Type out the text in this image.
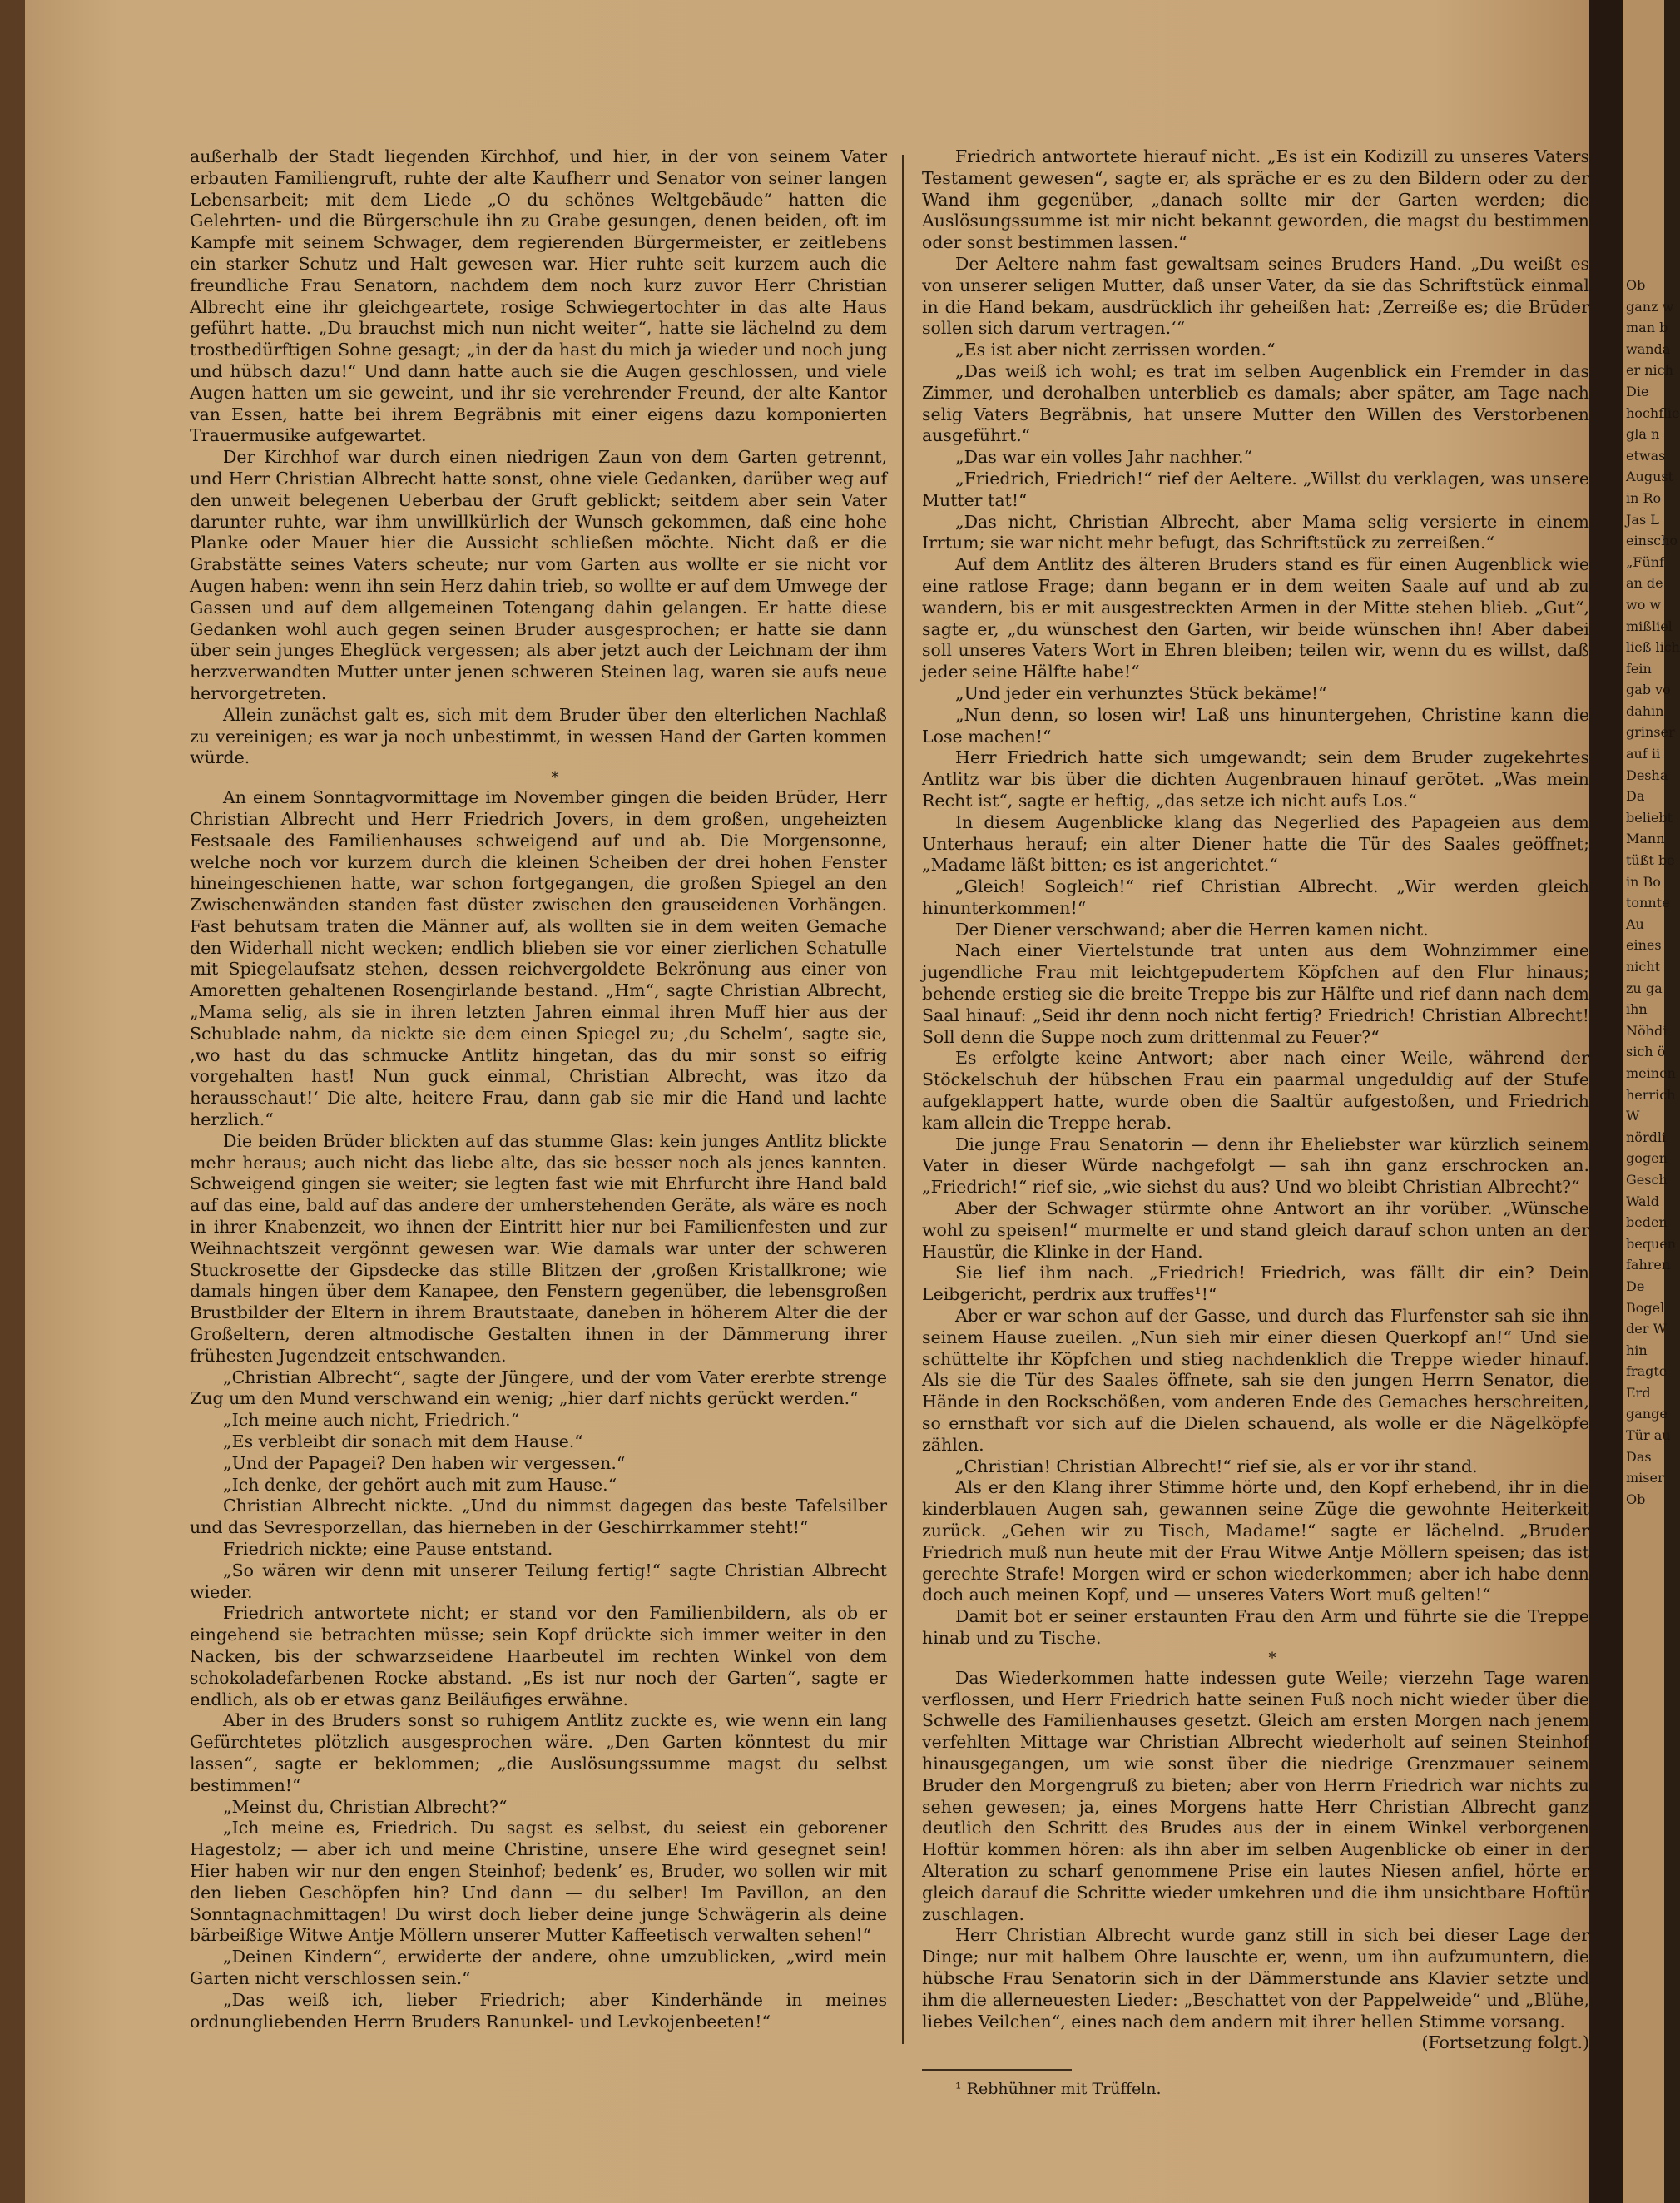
außerhalb der Stadt liegenden Kirchhof, und hier, in der von seinem Vater erbauten Familiengruft, ruhte der alte Kaufherr und Senator von seiner langen Lebensarbeit; mit dem Liede „O du schönes Weltgebäude“ hatten die Gelehrten- und die Bürgerschule ihn zu Grabe gesungen, denen beiden, oft im Kampfe mit seinem Schwager, dem regierenden Bürgermeister, er zeitlebens ein starker Schutz und Halt gewesen war. Hier ruhte seit kurzem auch die freundliche Frau Senatorn, nachdem dem noch kurz zuvor Herr Christian Albrecht eine ihr gleichgeartete, rosige Schwiegertochter in das alte Haus geführt hatte. „Du brauchst mich nun nicht weiter“, hatte sie lächelnd zu dem trostbedürftigen Sohne gesagt; „in der da hast du mich ja wieder und noch jung und hübsch dazu!“ Und dann hatte auch sie die Augen geschlossen, und viele Augen hatten um sie geweint, und ihr sie verehrender Freund, der alte Kantor van Essen, hatte bei ihrem Begräbnis mit einer eigens dazu komponierten Trauermusike aufgewartet.

Der Kirchhof war durch einen niedrigen Zaun von dem Garten getrennt, und Herr Christian Albrecht hatte sonst, ohne viele Gedanken, darüber weg auf den unweit belegenen Ueberbau der Gruft geblickt; seitdem aber sein Vater darunter ruhte, war ihm unwillkürlich der Wunsch gekommen, daß eine hohe Planke oder Mauer hier die Aussicht schließen möchte. Nicht daß er die Grabstätte seines Vaters scheute; nur vom Garten aus wollte er sie nicht vor Augen haben: wenn ihn sein Herz dahin trieb, so wollte er auf dem Umwege der Gassen und auf dem allgemeinen Totengang dahin gelangen. Er hatte diese Gedanken wohl auch gegen seinen Bruder ausgesprochen; er hatte sie dann über sein junges Eheglück vergessen; als aber jetzt auch der Leichnam der ihm herzverwandten Mutter unter jenen schweren Steinen lag, waren sie aufs neue hervorgetreten.

Allein zunächst galt es, sich mit dem Bruder über den elterlichen Nachlaß zu vereinigen; es war ja noch unbestimmt, in wessen Hand der Garten kommen würde.

*

An einem Sonntagvormittage im November gingen die beiden Brüder, Herr Christian Albrecht und Herr Friedrich Jovers, in dem großen, ungeheizten Festsaale des Familienhauses schweigend auf und ab. Die Morgensonne, welche noch vor kurzem durch die kleinen Scheiben der drei hohen Fenster hineingeschienen hatte, war schon fortgegangen, die großen Spiegel an den Zwischenwänden standen fast düster zwischen den grauseidenen Vorhängen. Fast behutsam traten die Männer auf, als wollten sie in dem weiten Gemache den Widerhall nicht wecken; endlich blieben sie vor einer zierlichen Schatulle mit Spiegelaufsatz stehen, dessen reichvergoldete Bekrönung aus einer von Amoretten gehaltenen Rosengirlande bestand. „Hm“, sagte Christian Albrecht, „Mama selig, als sie in ihren letzten Jahren einmal ihren Muff hier aus der Schublade nahm, da nickte sie dem einen Spiegel zu; ‚du Schelm‘, sagte sie, ‚wo hast du das schmucke Antlitz hingetan, das du mir sonst so eifrig vorgehalten hast! Nun guck einmal, Christian Albrecht, was itzo da herausschaut!‘ Die alte, heitere Frau, dann gab sie mir die Hand und lachte herzlich.“

Die beiden Brüder blickten auf das stumme Glas: kein junges Antlitz blickte mehr heraus; auch nicht das liebe alte, das sie besser noch als jenes kannten. Schweigend gingen sie weiter; sie legten fast wie mit Ehrfurcht ihre Hand bald auf das eine, bald auf das andere der umherstehenden Geräte, als wäre es noch in ihrer Knabenzeit, wo ihnen der Eintritt hier nur bei Familienfesten und zur Weihnachtszeit vergönnt gewesen war. Wie damals war unter der schweren Stuckrosette der Gipsdecke das stille Blitzen der ‚großen Kristallkrone; wie damals hingen über dem Kanapee, den Fenstern gegenüber, die lebensgroßen Brustbilder der Eltern in ihrem Brautstaate, daneben in höherem Alter die der Großeltern, deren altmodische Gestalten ihnen in der Dämmerung ihrer frühesten Jugendzeit entschwanden.

„Christian Albrecht“, sagte der Jüngere, und der vom Vater ererbte strenge Zug um den Mund verschwand ein wenig; „hier darf nichts gerückt werden.“

„Ich meine auch nicht, Friedrich.“

„Es verbleibt dir sonach mit dem Hause.“

„Und der Papagei? Den haben wir vergessen.“

„Ich denke, der gehört auch mit zum Hause.“

Christian Albrecht nickte. „Und du nimmst dagegen das beste Tafelsilber und das Sevresporzellan, das hierneben in der Geschirrkammer steht!“

Friedrich nickte; eine Pause entstand.

„So wären wir denn mit unserer Teilung fertig!“ sagte Christian Albrecht wieder.

Friedrich antwortete nicht; er stand vor den Familienbildern, als ob er eingehend sie betrachten müsse; sein Kopf drückte sich immer weiter in den Nacken, bis der schwarzseidene Haarbeutel im rechten Winkel von dem schokoladefarbenen Rocke abstand. „Es ist nur noch der Garten“, sagte er endlich, als ob er etwas ganz Beiläufiges erwähne.

Aber in des Bruders sonst so ruhigem Antlitz zuckte es, wie wenn ein lang Gefürchtetes plötzlich ausgesprochen wäre. „Den Garten könntest du mir lassen“, sagte er beklommen; „die Auslösungssumme magst du selbst bestimmen!“

„Meinst du, Christian Albrecht?“

„Ich meine es, Friedrich. Du sagst es selbst, du seiest ein geborener Hagestolz; — aber ich und meine Christine, unsere Ehe wird gesegnet sein! Hier haben wir nur den engen Steinhof; bedenk’ es, Bruder, wo sollen wir mit den lieben Geschöpfen hin? Und dann — du selber! Im Pavillon, an den Sonntagnachmittagen! Du wirst doch lieber deine junge Schwägerin als deine bärbeißige Witwe Antje Möllern unserer Mutter Kaffeetisch verwalten sehen!“

„Deinen Kindern“, erwiderte der andere, ohne umzublicken, „wird mein Garten nicht verschlossen sein.“

„Das weiß ich, lieber Friedrich; aber Kinderhände in meines ordnungliebenden Herrn Bruders Ranunkel- und Levkojenbeeten!“

Friedrich antwortete hierauf nicht. „Es ist ein Kodizill zu unseres Vaters Testament gewesen“, sagte er, als spräche er es zu den Bildern oder zu der Wand ihm gegenüber, „danach sollte mir der Garten werden; die Auslösungssumme ist mir nicht bekannt geworden, die magst du bestimmen oder sonst bestimmen lassen.“

Der Aeltere nahm fast gewaltsam seines Bruders Hand. „Du weißt es von unserer seligen Mutter, daß unser Vater, da sie das Schriftstück einmal in die Hand bekam, ausdrücklich ihr geheißen hat: ‚Zerreiße es; die Brüder sollen sich darum vertragen.‘“

„Es ist aber nicht zerrissen worden.“

„Das weiß ich wohl; es trat im selben Augenblick ein Fremder in das Zimmer, und derohalben unterblieb es damals; aber später, am Tage nach selig Vaters Begräbnis, hat unsere Mutter den Willen des Verstorbenen ausgeführt.“

„Das war ein volles Jahr nachher.“

„Friedrich, Friedrich!“ rief der Aeltere. „Willst du verklagen, was unsere Mutter tat!“

„Das nicht, Christian Albrecht, aber Mama selig versierte in einem Irrtum; sie war nicht mehr befugt, das Schriftstück zu zerreißen.“

Auf dem Antlitz des älteren Bruders stand es für einen Augenblick wie eine ratlose Frage; dann begann er in dem weiten Saale auf und ab zu wandern, bis er mit ausgestreckten Armen in der Mitte stehen blieb. „Gut“, sagte er, „du wünschest den Garten, wir beide wünschen ihn! Aber dabei soll unseres Vaters Wort in Ehren bleiben; teilen wir, wenn du es willst, daß jeder seine Hälfte habe!“

„Und jeder ein verhunztes Stück bekäme!“

„Nun denn, so losen wir! Laß uns hinuntergehen, Christine kann die Lose machen!“

Herr Friedrich hatte sich umgewandt; sein dem Bruder zugekehrtes Antlitz war bis über die dichten Augenbrauen hinauf gerötet. „Was mein Recht ist“, sagte er heftig, „das setze ich nicht aufs Los.“

In diesem Augenblicke klang das Negerlied des Papageien aus dem Unterhaus herauf; ein alter Diener hatte die Tür des Saales geöffnet; „Madame läßt bitten; es ist angerichtet.“

„Gleich! Sogleich!“ rief Christian Albrecht. „Wir werden gleich hinunterkommen!“

Der Diener verschwand; aber die Herren kamen nicht.

Nach einer Viertelstunde trat unten aus dem Wohnzimmer eine jugendliche Frau mit leichtgepudertem Köpfchen auf den Flur hinaus; behende erstieg sie die breite Treppe bis zur Hälfte und rief dann nach dem Saal hinauf: „Seid ihr denn noch nicht fertig? Friedrich! Christian Albrecht! Soll denn die Suppe noch zum drittenmal zu Feuer?“

Es erfolgte keine Antwort; aber nach einer Weile, während der Stöckelschuh der hübschen Frau ein paarmal ungeduldig auf der Stufe aufgeklappert hatte, wurde oben die Saaltür aufgestoßen, und Friedrich kam allein die Treppe herab.

Die junge Frau Senatorin — denn ihr Eheliebster war kürzlich seinem Vater in dieser Würde nachgefolgt — sah ihn ganz erschrocken an. „Friedrich!“ rief sie, „wie siehst du aus? Und wo bleibt Christian Albrecht?“

Aber der Schwager stürmte ohne Antwort an ihr vorüber. „Wünsche wohl zu speisen!“ murmelte er und stand gleich darauf schon unten an der Haustür, die Klinke in der Hand.

Sie lief ihm nach. „Friedrich! Friedrich, was fällt dir ein? Dein Leibgericht, perdrix aux truffes¹!“

Aber er war schon auf der Gasse, und durch das Flurfenster sah sie ihn seinem Hause zueilen. „Nun sieh mir einer diesen Querkopf an!“ Und sie schüttelte ihr Köpfchen und stieg nachdenklich die Treppe wieder hinauf. Als sie die Tür des Saales öffnete, sah sie den jungen Herrn Senator, die Hände in den Rockschößen, vom anderen Ende des Gemaches herschreiten, so ernsthaft vor sich auf die Dielen schauend, als wolle er die Nägelköpfe zählen.

„Christian! Christian Albrecht!“ rief sie, als er vor ihr stand.

Als er den Klang ihrer Stimme hörte und, den Kopf erhebend, ihr in die kinderblauen Augen sah, gewannen seine Züge die gewohnte Heiterkeit zurück. „Gehen wir zu Tisch, Madame!“ sagte er lächelnd. „Bruder Friedrich muß nun heute mit der Frau Witwe Antje Möllern speisen; das ist gerechte Strafe! Morgen wird er schon wiederkommen; aber ich habe denn doch auch meinen Kopf, und — unseres Vaters Wort muß gelten!“

Damit bot er seiner erstaunten Frau den Arm und führte sie die Treppe hinab und zu Tische.

*

Das Wiederkommen hatte indessen gute Weile; vierzehn Tage waren verflossen, und Herr Friedrich hatte seinen Fuß noch nicht wieder über die Schwelle des Familienhauses gesetzt. Gleich am ersten Morgen nach jenem verfehlten Mittage war Christian Albrecht wiederholt auf seinen Steinhof hinausgegangen, um wie sonst über die niedrige Grenzmauer seinem Bruder den Morgengruß zu bieten; aber von Herrn Friedrich war nichts zu sehen gewesen; ja, eines Morgens hatte Herr Christian Albrecht ganz deutlich den Schritt des Brudes aus der in einem Winkel verborgenen Hoftür kommen hören: als ihn aber im selben Augenblicke ob einer in der Alteration zu scharf genommene Prise ein lautes Niesen anfiel, hörte er gleich darauf die Schritte wieder umkehren und die ihm unsichtbare Hoftür zuschlagen.

Herr Christian Albrecht wurde ganz still in sich bei dieser Lage der Dinge; nur mit halbem Ohre lauschte er, wenn, um ihn aufzumuntern, die hübsche Frau Senatorin sich in der Dämmerstunde ans Klavier setzte und ihm die allerneuesten Lieder: „Beschattet von der Pappelweide“ und „Blühe, liebes Veilchen“, eines nach dem andern mit ihrer hellen Stimme vorsang.

(Fortsetzung folgt.)

¹ Rebhühner mit Trüffeln.

Ob
ganz w
man b
wanda
er nich
Die
hochflie
gla n
etwas
August
in Ro
Jas L
einscho
„Fünf
an de
wo w
mißliel
ließ lich
fein
gab vo
dahin
grinser
auf ii
Desha
Da
beliebt
Mann
tüßt be
in Bo
tonnte
Au
eines
nicht
zu ga
ihn
Nöhdi
sich ö
meinen
herrich
W
nördli
gogen
Gesch
Wald
beden
bequen
fahren
De
Bogel
der W
hin
fragte
Erd
gange
Tür au
Das
miser
Ob
